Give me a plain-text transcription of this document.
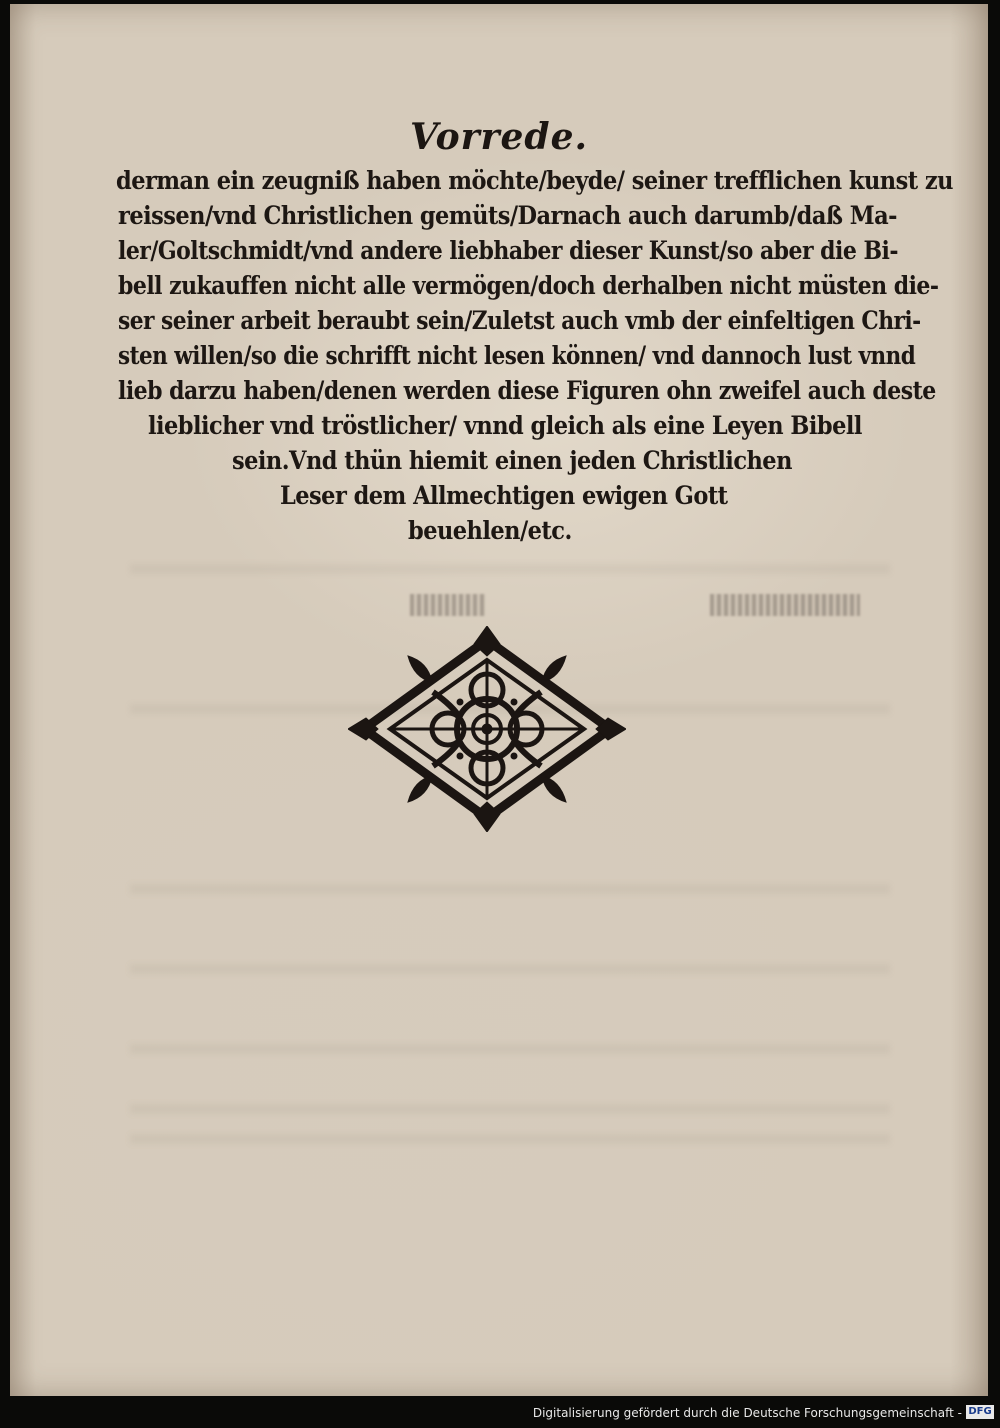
Vorrede.
derman ein zeugniß haben möchte/beyde/ seiner trefflichen kunst zu
reissen/vnd Christlichen gemüts/Darnach auch darumb/daß Ma-
ler/Goltschmidt/vnd andere liebhaber dieser Kunst/so aber die Bi-
bell zukauffen nicht alle vermögen/doch derhalben nicht müsten die-
ser seiner arbeit beraubt sein/Zuletst auch vmb der einfeltigen Chri-
sten willen/so die schrifft nicht lesen können/ vnd dannoch lust vnnd
lieb darzu haben/denen werden diese Figuren ohn zweifel auch deste
lieblicher vnd tröstlicher/ vnnd gleich als eine Leyen Bibell
sein.Vnd thün hiemit einen jeden Christlichen
Leser dem Allmechtigen ewigen Gott
beuehlen/etc.
Digitalisierung gefördert durch die Deutsche Forschungsgemeinschaft - DFG
